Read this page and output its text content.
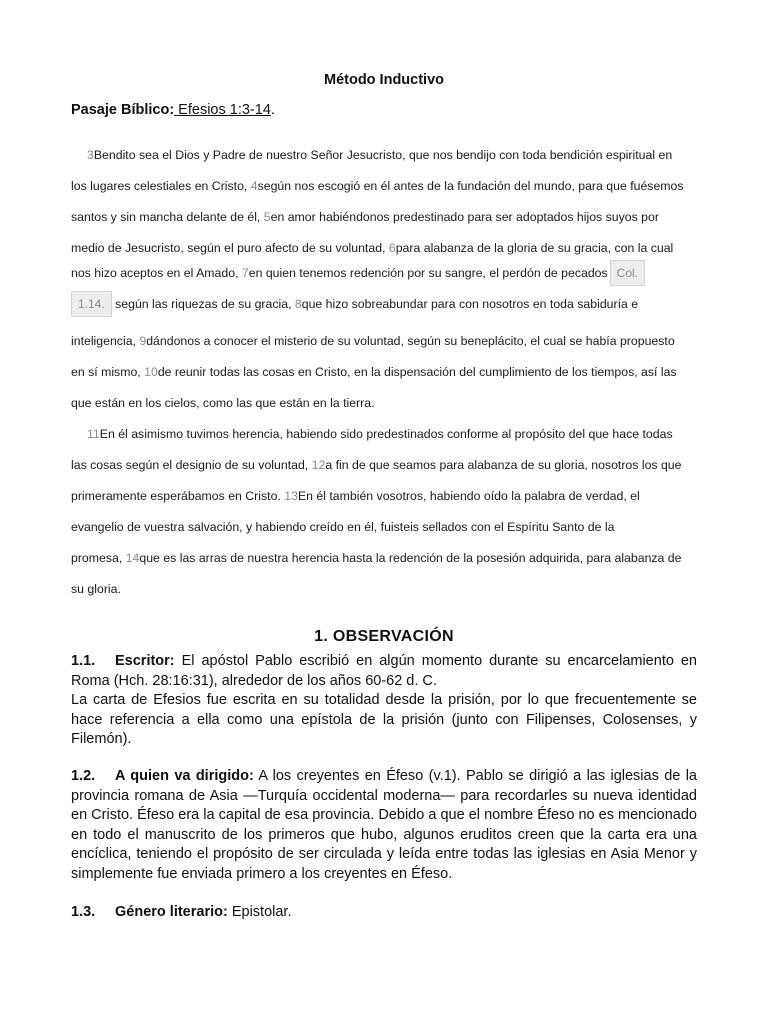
Método Inductivo
Pasaje Bíblico: Efesios 1:3-14.
3Bendito sea el Dios y Padre de nuestro Señor Jesucristo, que nos bendijo con toda bendición espiritual en
los lugares celestiales en Cristo, 4según nos escogió en él antes de la fundación del mundo, para que fuésemos
santos y sin mancha delante de él, 5en amor habiéndonos predestinado para ser adoptados hijos suyos por
medio de Jesucristo, según el puro afecto de su voluntad, 6para alabanza de la gloria de su gracia, con la cual
nos hizo aceptos en el Amado, 7en quien tenemos redención por su sangre, el perdón de pecados Col.
1.14. según las riquezas de su gracia, 8que hizo sobreabundar para con nosotros en toda sabiduría e
inteligencia, 9dándonos a conocer el misterio de su voluntad, según su beneplácito, el cual se había propuesto
en sí mismo, 10de reunir todas las cosas en Cristo, en la dispensación del cumplimiento de los tiempos, así las
que están en los cielos, como las que están en la tierra.
11En él asimismo tuvimos herencia, habiendo sido predestinados conforme al propósito del que hace todas
las cosas según el designio de su voluntad, 12a fin de que seamos para alabanza de su gloria, nosotros los que
primeramente esperábamos en Cristo. 13En él también vosotros, habiendo oído la palabra de verdad, el
evangelio de vuestra salvación, y habiendo creído en él, fuisteis sellados con el Espíritu Santo de la
promesa, 14que es las arras de nuestra herencia hasta la redención de la posesión adquirida, para alabanza de
su gloria.
1. OBSERVACIÓN
1.1. Escritor: El apóstol Pablo escribió en algún momento durante su encarcelamiento en Roma (Hch. 28:16:31), alrededor de los años 60-62 d. C.
La carta de Efesios fue escrita en su totalidad desde la prisión, por lo que frecuentemente se hace referencia a ella como una epístola de la prisión (junto con Filipenses, Colosenses, y Filemón).
1.2. A quien va dirigido: A los creyentes en Éfeso (v.1). Pablo se dirigió a las iglesias de la provincia romana de Asia —Turquía occidental moderna— para recordarles su nueva identidad en Cristo. Éfeso era la capital de esa provincia. Debido a que el nombre Éfeso no es mencionado en todo el manuscrito de los primeros que hubo, algunos eruditos creen que la carta era una encíclica, teniendo el propósito de ser circulada y leída entre todas las iglesias en Asia Menor y simplemente fue enviada primero a los creyentes en Éfeso.
1.3. Género literario: Epistolar.
